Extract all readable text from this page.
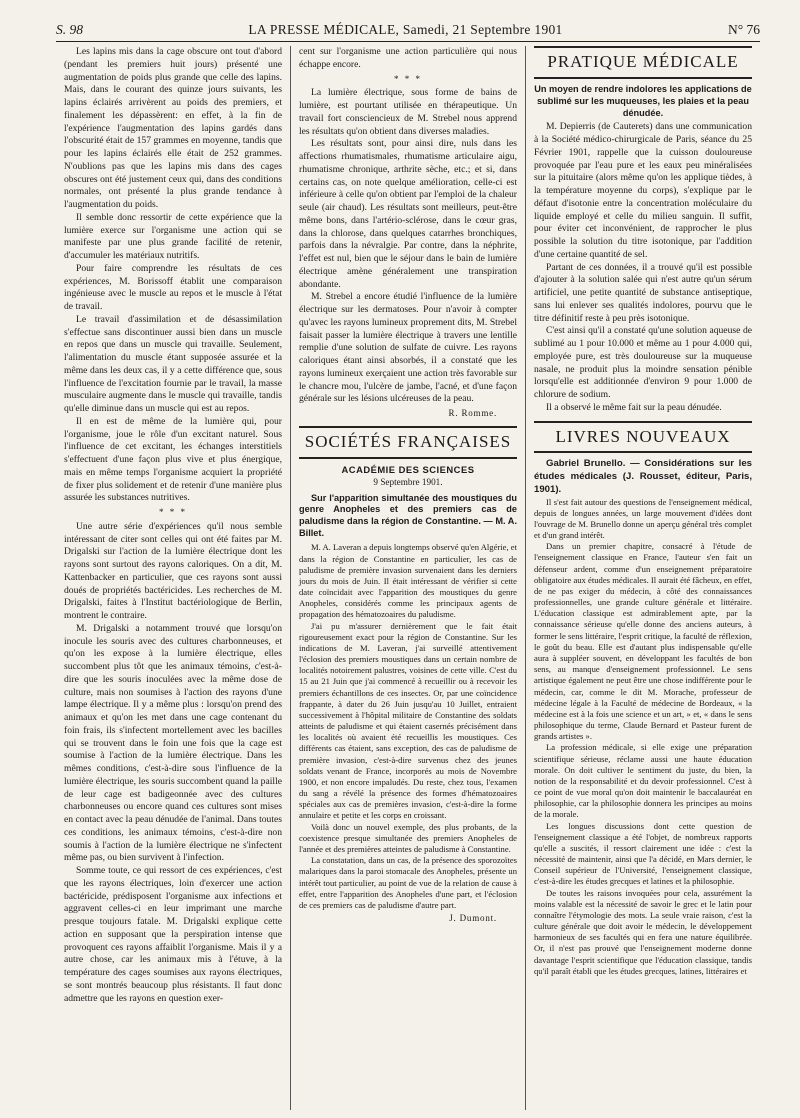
S. 98	LA PRESSE MÉDICALE, Samedi, 21 Septembre 1901	N° 76

Les lapins mis dans la cage obscure ont tout d'abord (pendant les premiers huit jours) présenté une augmentation de poids plus grande que celle des lapins. Mais, dans le courant des quinze jours suivants, les lapins éclairés arrivèrent au poids des premiers, et finalement les dépassèrent: en effet, à la fin de l'expérience l'augmentation des lapins gardés dans l'obscurité était de 157 grammes en moyenne, tandis que pour les lapins éclairés elle était de 252 grammes. N'oublions pas que les lapins mis dans des cages obscures ont été justement ceux qui, dans des conditions normales, ont présenté la plus grande tendance à l'augmentation du poids.

Il semble donc ressortir de cette expérience que la lumière exerce sur l'organisme une action qui se manifeste par une plus grande facilité de retenir, d'accumuler les matériaux nutritifs.

Pour faire comprendre les résultats de ces expériences, M. Borissoff établit une comparaison ingénieuse avec le muscle au repos et le muscle à l'état de travail.

Le travail d'assimilation et de désassimilation s'effectue sans discontinuer aussi bien dans un muscle en repos que dans un muscle qui travaille. Seulement, l'alimentation du muscle étant supposée assurée et la même dans les deux cas, il y a cette différence que, sous l'influence de l'excitation fournie par le travail, la masse musculaire augmente dans le muscle qui travaille, tandis qu'elle diminue dans un muscle qui est au repos.

Il en est de même de la lumière qui, pour l'organisme, joue le rôle d'un excitant naturel. Sous l'influence de cet excitant, les échanges interstitiels s'effectuent d'une façon plus vive et plus énergique, mais en même temps l'organisme acquiert la propriété de fixer plus solidement et de retenir d'une manière plus assurée les substances nutritives.

* * *

Une autre série d'expériences qu'il nous semble intéressant de citer sont celles qui ont été faites par M. Drigalski sur l'action de la lumière électrique dont les rayons sont surtout des rayons caloriques. On a dit, M. Kattenbacker en particulier, que ces rayons sont aussi doués de propriétés bactéricides. Les recherches de M. Drigalski, faites à l'Institut bactériologique de Berlin, montrent le contraire.

M. Drigalski a notamment trouvé que lorsqu'on inocule les souris avec des cultures charbonneuses, et qu'on les expose à la lumière électrique, elles succombent plus tôt que les animaux témoins, c'est-à-dire que les souris inoculées avec la même dose de culture, mais non soumises à l'action des rayons d'une lampe électrique. Il y a même plus : lorsqu'on prend des animaux et qu'on les met dans une cage contenant du foin frais, ils s'infectent mortellement avec les bacilles qui se trouvent dans le foin une fois que la cage est soumise à l'action de la lumière électrique. Dans les mêmes conditions, c'est-à-dire sous l'influence de la lumière électrique, les souris succombent quand la paille de leur cage est badigeonnée avec des cultures charbonneuses ou encore quand ces cultures sont mises en contact avec la peau dénudée de l'animal. Dans toutes ces conditions, les animaux témoins, c'est-à-dire non soumis à l'action de la lumière électrique ne s'infectent même pas, ou bien survivent à l'infection.

Somme toute, ce qui ressort de ces expériences, c'est que les rayons électriques, loin d'exercer une action bactéricide, prédisposent l'organisme aux infections et aggravent celles-ci en leur imprimant une marche presque toujours fatale. M. Drigalski explique cette action en supposant que la perspiration intense que provoquent ces rayons affaiblit l'organisme. Mais il y a autre chose, car les animaux mis à l'étuve, à la température des cages soumises aux rayons électriques, se sont montrés beaucoup plus résistants. Il faut donc admettre que les rayons en question exer-

cent sur l'organisme une action particulière qui nous échappe encore.

* * *

La lumière électrique, sous forme de bains de lumière, est pourtant utilisée en thérapeutique. Un travail fort consciencieux de M. Strebel nous apprend les résultats qu'on obtient dans diverses maladies.

Les résultats sont, pour ainsi dire, nuls dans les affections rhumatismales, rhumatisme articulaire aigu, rhumatisme chronique, arthrite sèche, etc.; et si, dans certains cas, on note quelque amélioration, celle-ci est inférieure à celle qu'on obtient par l'emploi de la chaleur seule (air chaud). Les résultats sont meilleurs, peut-être même bons, dans l'artério-sclérose, dans le cœur gras, dans la chlorose, dans quelques catarrhes bronchiques, parfois dans la névralgie. Par contre, dans la néphrite, l'effet est nul, bien que le séjour dans le bain de lumière électrique amène généralement une transpiration abondante.

M. Strebel a encore étudié l'influence de la lumière électrique sur les dermatoses. Pour n'avoir à compter qu'avec les rayons lumineux proprement dits, M. Strebel faisait passer la lumière électrique à travers une lentille remplie d'une solution de sulfate de cuivre. Les rayons caloriques étant ainsi absorbés, il a constaté que les rayons lumineux exerçaient une action très favorable sur le chancre mou, l'ulcère de jambe, l'acné, et d'une façon générale sur les lésions ulcéreuses de la peau.

R. Romme.
SOCIÉTÉS FRANÇAISES
ACADÉMIE DES SCIENCES
9 Septembre 1901.
Sur l'apparition simultanée des moustiques du genre Anopheles et des premiers cas de paludisme dans la région de Constantine. — M. A. Billet.

M. A. Laveran a depuis longtemps observé qu'en Algérie, et dans la région de Constantine en particulier, les cas de paludisme de première invasion survenaient dans les derniers jours du mois de Juin. Il était intéressant de vérifier si cette date coïncidait avec l'apparition des moustiques du genre Anopheles, considérés comme les principaux agents de propagation des hématozoaires du paludisme.

J'ai pu m'assurer dernièrement que le fait était rigoureusement exact pour la région de Constantine. Sur les indications de M. Laveran, j'ai surveillé attentivement l'éclosion des premiers moustiques dans un certain nombre de localités notoirement palustres, voisines de cette ville. C'est du 15 au 21 Juin que j'ai commencé à recueillir ou à recevoir les premiers échantillons de ces insectes. Or, par une coïncidence frappante, à dater du 26 Juin jusqu'au 10 Juillet, entraient successivement à l'hôpital militaire de Constantine des soldats atteints de paludisme et qui étaient casernés précisément dans les localités où avaient été recueillis les moustiques. Ces différents cas étaient, sans exception, des cas de paludisme de première invasion, c'est-à-dire survenus chez des jeunes soldats venant de France, incorporés au mois de Novembre 1900, et non encore impaludés. Du reste, chez tous, l'examen du sang a révélé la présence des formes d'hématozoaires spéciales aux cas de premières invasion, c'est-à-dire la forme annulaire et petite et les corps en croissant.

Voilà donc un nouvel exemple, des plus probants, de la coexistence presque simultanée des premiers Anopheles de l'année et des premières atteintes de paludisme à Constantine.

La constatation, dans un cas, de la présence des sporozoïtes malariques dans la paroi stomacale des Anopheles, présente un intérêt tout particulier, au point de vue de la relation de cause à effet, entre l'apparition des Anopheles d'une part, et l'éclosion de ces premiers cas de paludisme d'autre part.

J. Dumont.
PRATIQUE MÉDICALE
Un moyen de rendre indolores les applications de sublimé sur les muqueuses, les plaies et la peau dénudée.

M. Depierris (de Cauterets) dans une communication à la Société médico-chirurgicale de Paris, séance du 25 Février 1901, rappelle que la cuisson douloureuse provoquée par l'eau pure et les eaux peu minéralisées sur la pituitaire (alors même qu'on les applique tièdes, à la température moyenne du corps), s'explique par le défaut d'isotonie entre la concentration moléculaire du liquide employé et celle du milieu sanguin. Il suffit, pour éviter cet inconvénient, de rapprocher le plus possible la solution du titre isotonique, par l'addition d'une certaine quantité de sel.

Partant de ces données, il a trouvé qu'il est possible d'ajouter à la solution salée qui n'est autre qu'un sérum artificiel, une petite quantité de substance antiseptique, sans lui enlever ses qualités indolores, pourvu que le titre définitif reste à peu près isotonique.

C'est ainsi qu'il a constaté qu'une solution aqueuse de sublimé au 1 pour 10.000 et même au 1 pour 4.000 qui, employée pure, est très douloureuse sur la muqueuse nasale, ne produit plus la moindre sensation pénible lorsqu'elle est additionnée d'environ 9 pour 1.000 de chlorure de sodium.

Il a observé le même fait sur la peau dénudée.

LIVRES NOUVEAUX

Gabriel Brunello. — Considérations sur les études médicales (J. Rousset, éditeur, Paris, 1901).

Il s'est fait autour des questions de l'enseignement médical, depuis de longues années, un large mouvement d'idées dont l'ouvrage de M. Brunello donne un aperçu général très complet et d'un grand intérêt.

Dans un premier chapitre, consacré à l'étude de l'enseignement classique en France, l'auteur s'en fait un défenseur ardent, comme d'un enseignement préparatoire obligatoire aux études médicales. Il aurait été fâcheux, en effet, de ne pas exiger du médecin, à côté des connaissances professionnelles, une grande culture générale et littéraire. L'éducation classique est admirablement apte, par la connaissance sérieuse qu'elle donne des anciens auteurs, à former le sens littéraire, l'esprit critique, la faculté de réflexion, le goût du beau. Elle est d'autant plus indispensable qu'elle aura à suppléer souvent, en développant les facultés de bon sens, au manque d'enseignement professionnel. Le sens artistique également ne peut être une chose indifférente pour le médecin, car, comme le dit M. Morache, professeur de médecine légale à la Faculté de médecine de Bordeaux, « la médecine est à la fois une science et un art, » et, « dans le sens philosophique du terme, Claude Bernard et Pasteur furent de grands artistes ».

La profession médicale, si elle exige une préparation scientifique sérieuse, réclame aussi une haute éducation morale. On doit cultiver le sentiment du juste, du bien, la notion de la responsabilité et du devoir professionnel. C'est à ce point de vue moral qu'on doit maintenir le baccalauréat en philosophie, car la philosophie donnera les principes au moins de la morale.

Les longues discussions dont cette question de l'enseignement classique a été l'objet, de nombreux rapports qu'elle a suscités, il ressort clairement une idée : c'est la nécessité de maintenir, ainsi que l'a décidé, en Mars dernier, le Conseil supérieur de l'Université, l'enseignement classique, c'est-à-dire les études grecques et latines et la philosophie.

De toutes les raisons invoquées pour cela, assurément la moins valable est la nécessité de savoir le grec et le latin pour connaître l'étymologie des mots. La seule vraie raison, c'est la culture générale que doit avoir le médecin, le développement harmonieux de ses facultés qui en fera une nature équilibrée. Or, il n'est pas prouvé que l'enseignement moderne donne davantage l'esprit scientifique que l'éducation classique, tandis qu'il paraît établi que les études grecques, latines, littéraires et
